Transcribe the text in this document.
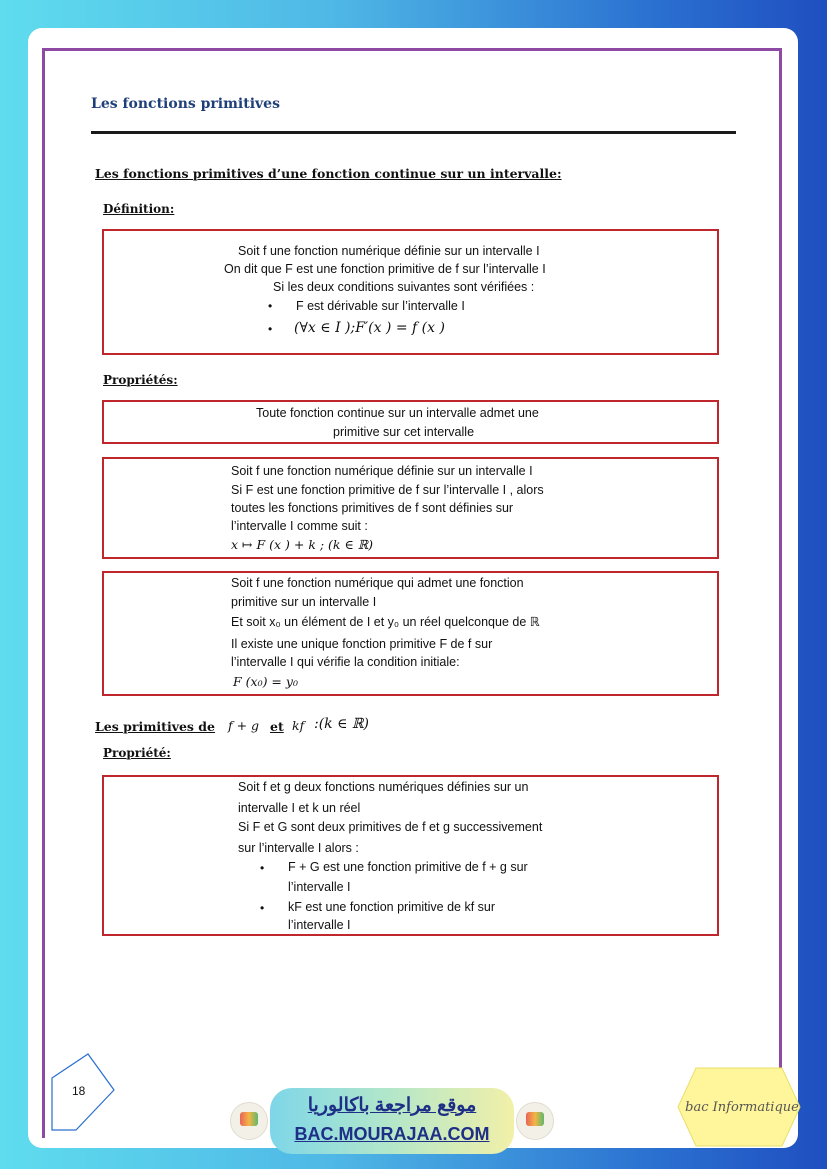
Les fonctions primitives
Les fonctions primitives d’une fonction continue sur un intervalle:
Définition:
Soit f une fonction numérique définie sur un intervalle I
On dit que F est une fonction primitive de f sur l’intervalle I
Si les deux conditions suivantes sont vérifiées :
• F est dérivable sur l’intervalle I
• (∀x ∈ I );F′(x ) = f (x )
Propriétés:
Toute fonction continue sur un intervalle admet une
primitive sur cet intervalle
Soit f une fonction numérique définie sur un intervalle I
Si F est une fonction primitive de f sur l’intervalle I , alors
toutes les fonctions primitives de f sont définies sur
l’intervalle I comme suit :
x ↦ F (x ) + k ; (k ∈ ℝ)
Soit f une fonction numérique qui admet une fonction
primitive sur un intervalle I
Et soit x₀ un élément de I et y₀ un réel quelconque de ℝ
Il existe une unique fonction primitive F de f sur
l’intervalle I qui vérifie la condition initiale:
F (x₀) = y₀
Les primitives de f + g et kf :(k ∈ ℝ)
Propriété:
Soit f et g deux fonctions numériques définies sur un
intervalle I et k un réel
Si F et G sont deux primitives de f et g successivement
sur l’intervalle I alors :
• F + G est une fonction primitive de f + g sur
l’intervalle I
• kF est une fonction primitive de kf sur
l’intervalle I
18
موقع مراجعة باكالوريا
BAC.MOURAJAA.COM
bac Informatique
